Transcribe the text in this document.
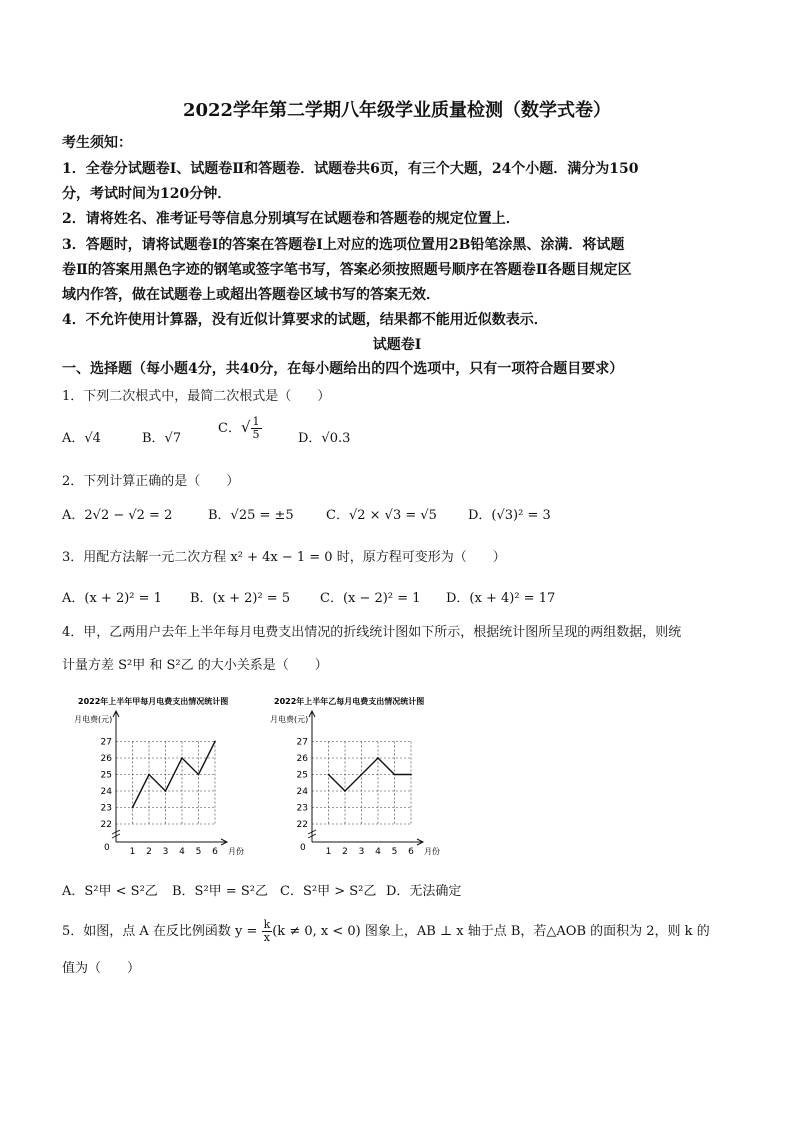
2022学年第二学期八年级学业质量检测（数学式卷）
考生须知：
1．全卷分试题卷Ⅰ、试题卷Ⅱ和答题卷．试题卷共6页，有三个大题，24个小题．满分为150
分，考试时间为120分钟．
2．请将姓名、准考证号等信息分别填写在试题卷和答题卷的规定位置上．
3．答题时，请将试题卷Ⅰ的答案在答题卷Ⅰ上对应的选项位置用2B铅笔涂黑、涂满．将试题
卷Ⅱ的答案用黑色字迹的钢笔或签字笔书写，答案必须按照题号顺序在答题卷Ⅱ各题目规定区
域内作答，做在试题卷上或超出答题卷区域书写的答案无效．
4．不允许使用计算器，没有近似计算要求的试题，结果都不能用近似数表示．
试题卷Ⅰ
一、选择题（每小题4分，共40分，在每小题给出的四个选项中，只有一项符合题目要求）
1．下列二次根式中，最简二次根式是（　　）
A．√4	B．√7
C．√ $\frac{1}{5}$	D．√0.3
2．下列计算正确的是（　　）
A．2√2 − √2 = 2	B．√25 = ±5 C．√2 × √3 = √5 D．(√3)² = 3
3．用配方法解一元二次方程 x² + 4x − 1 = 0 时，原方程可变形为（　　）
A．(x + 2)² = 1 B．(x + 2)² = 5 C．(x − 2)² = 1 D．(x + 4)² = 17
4．甲，乙两用户去年上半年每月电费支出情况的折线统计图如下所示，根据统计图所呈现的两组数据，则统
计量方差 S²甲 和 S²乙 的大小关系是（　　）
2022年上半年甲每月电费支出情况统计图
月电费(元)
22
23
24
25
26
27
1 2 3 4 5 6
0	月份
2022年上半年乙每月电费支出情况统计图
月电费(元)
22
23
24
25
26
27
1 2 3 4 5 6
0	月份
A．S²甲 < S²乙 B．S²甲 = S²乙 C．S²甲 > S²乙 D．无法确定
5．如图，点 A 在反比例函数 $y = \frac{k}{x} (k \ne 0$, x < 0) 图象上，AB ⊥ x 轴于点 B，若△AOB 的面积为 2，则 k 的
值为（　　）
